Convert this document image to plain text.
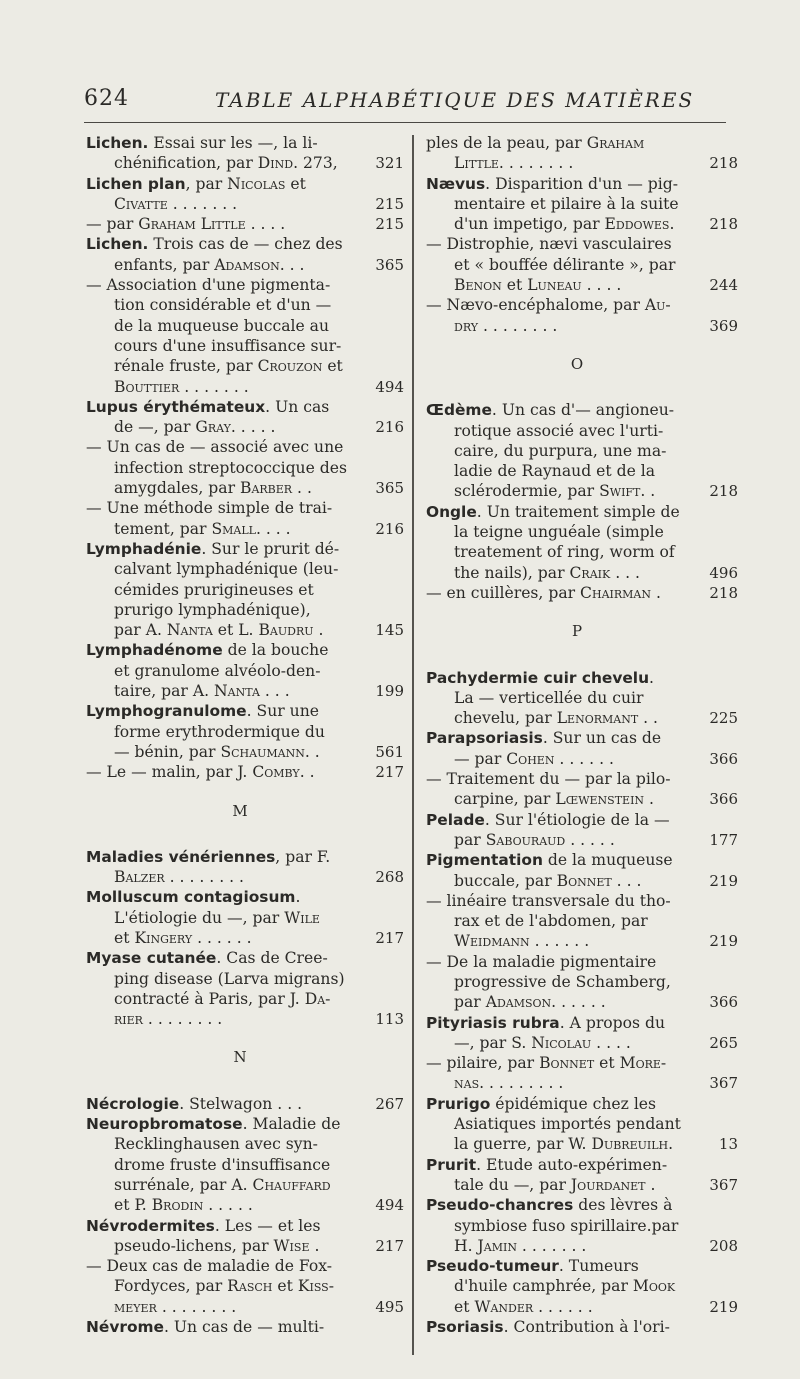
624	TABLE ALPHABÉTIQUE DES MATIÈRES
Lichen. Essai sur les —, la li-
chénification, par Dind. 273,	321
Lichen plan, par Nicolas et
Civatte . . . . . . .	215
— par Graham Little . . . .	215
Lichen. Trois cas de — chez des
enfants, par Adamson. . .	365
— Association d'une pigmenta-
tion considérable et d'un —
de la muqueuse buccale au
cours d'une insuffisance sur-
rénale fruste, par Crouzon et
Bouttier . . . . . . .	494
Lupus érythémateux. Un cas
de —, par Gray. . . . .	216
— Un cas de — associé avec une
infection streptococcique des
amygdales, par Barber . .	365
— Une méthode simple de trai-
tement, par Small. . . .	216
Lymphadénie. Sur le prurit dé-
calvant lymphadénique (leu-
cémides prurigineuses et
prurigo lymphadénique),
par A. Nanta et L. Baudru .	145
Lymphadénome de la bouche
et granulome alvéolo-den-
taire, par A. Nanta . . .	199
Lymphogranulome. Sur une
forme erythrodermique du
— bénin, par Schaumann. .	561
— Le — malin, par J. Comby. .	217
M
Maladies vénériennes, par F.
Balzer . . . . . . . .	268
Molluscum contagiosum.
L'étiologie du —, par Wile
et Kingery . . . . . .	217
Myase cutanée. Cas de Cree-
ping disease (Larva migrans)
contracté à Paris, par J. Da-
rier . . . . . . . .	113
N
Nécrologie. Stelwagon . . .	267
Neuropbromatose. Maladie de
Recklinghausen avec syn-
drome fruste d'insuffisance
surrénale, par A. Chauffard
et P. Brodin . . . . .	494
Névrodermites. Les — et les
pseudo-lichens, par Wise .	217
— Deux cas de maladie de Fox-
Fordyces, par Rasch et Kiss-
meyer . . . . . . . .	495
Névrome. Un cas de — multi-
ples de la peau, par Graham
Little. . . . . . . .	218
Nævus. Disparition d'un — pig-
mentaire et pilaire à la suite
d'un impetigo, par Eddowes.	218
— Distrophie, nævi vasculaires
et « bouffée délirante », par
Benon et Luneau . . . .	244
— Nævo-encéphalome, par Au-
dry . . . . . . . .	369
O
Œdème. Un cas d'— angioneu-
rotique associé avec l'urti-
caire, du purpura, une ma-
ladie de Raynaud et de la
sclérodermie, par Swift. .	218
Ongle. Un traitement simple de
la teigne unguéale (simple
treatement of ring, worm of
the nails), par Craik . . .	496
— en cuillères, par Chairman .	218
P
Pachydermie cuir chevelu.
La — verticellée du cuir
chevelu, par Lenormant . .	225
Parapsoriasis. Sur un cas de
— par Cohen . . . . . .	366
— Traitement du — par la pilo-
carpine, par Lœwenstein .	366
Pelade. Sur l'étiologie de la —
par Sabouraud . . . . .	177
Pigmentation de la muqueuse
buccale, par Bonnet . . .	219
— linéaire transversale du tho-
rax et de l'abdomen, par
Weidmann . . . . . .	219
— De la maladie pigmentaire
progressive de Schamberg,
par Adamson. . . . . .	366
Pityriasis rubra. A propos du
—, par S. Nicolau . . . .	265
— pilaire, par Bonnet et More-
nas. . . . . . . . .	367
Prurigo épidémique chez les
Asiatiques importés pendant
la guerre, par W. Dubreuilh.	13
Prurit. Etude auto-expérimen-
tale du —, par Jourdanet .	367
Pseudo-chancres des lèvres à
symbiose fuso spirillaire.par
H. Jamin . . . . . . .	208
Pseudo-tumeur. Tumeurs
d'huile camphrée, par Mook
et Wander . . . . . .	219
Psoriasis. Contribution à l'ori-
